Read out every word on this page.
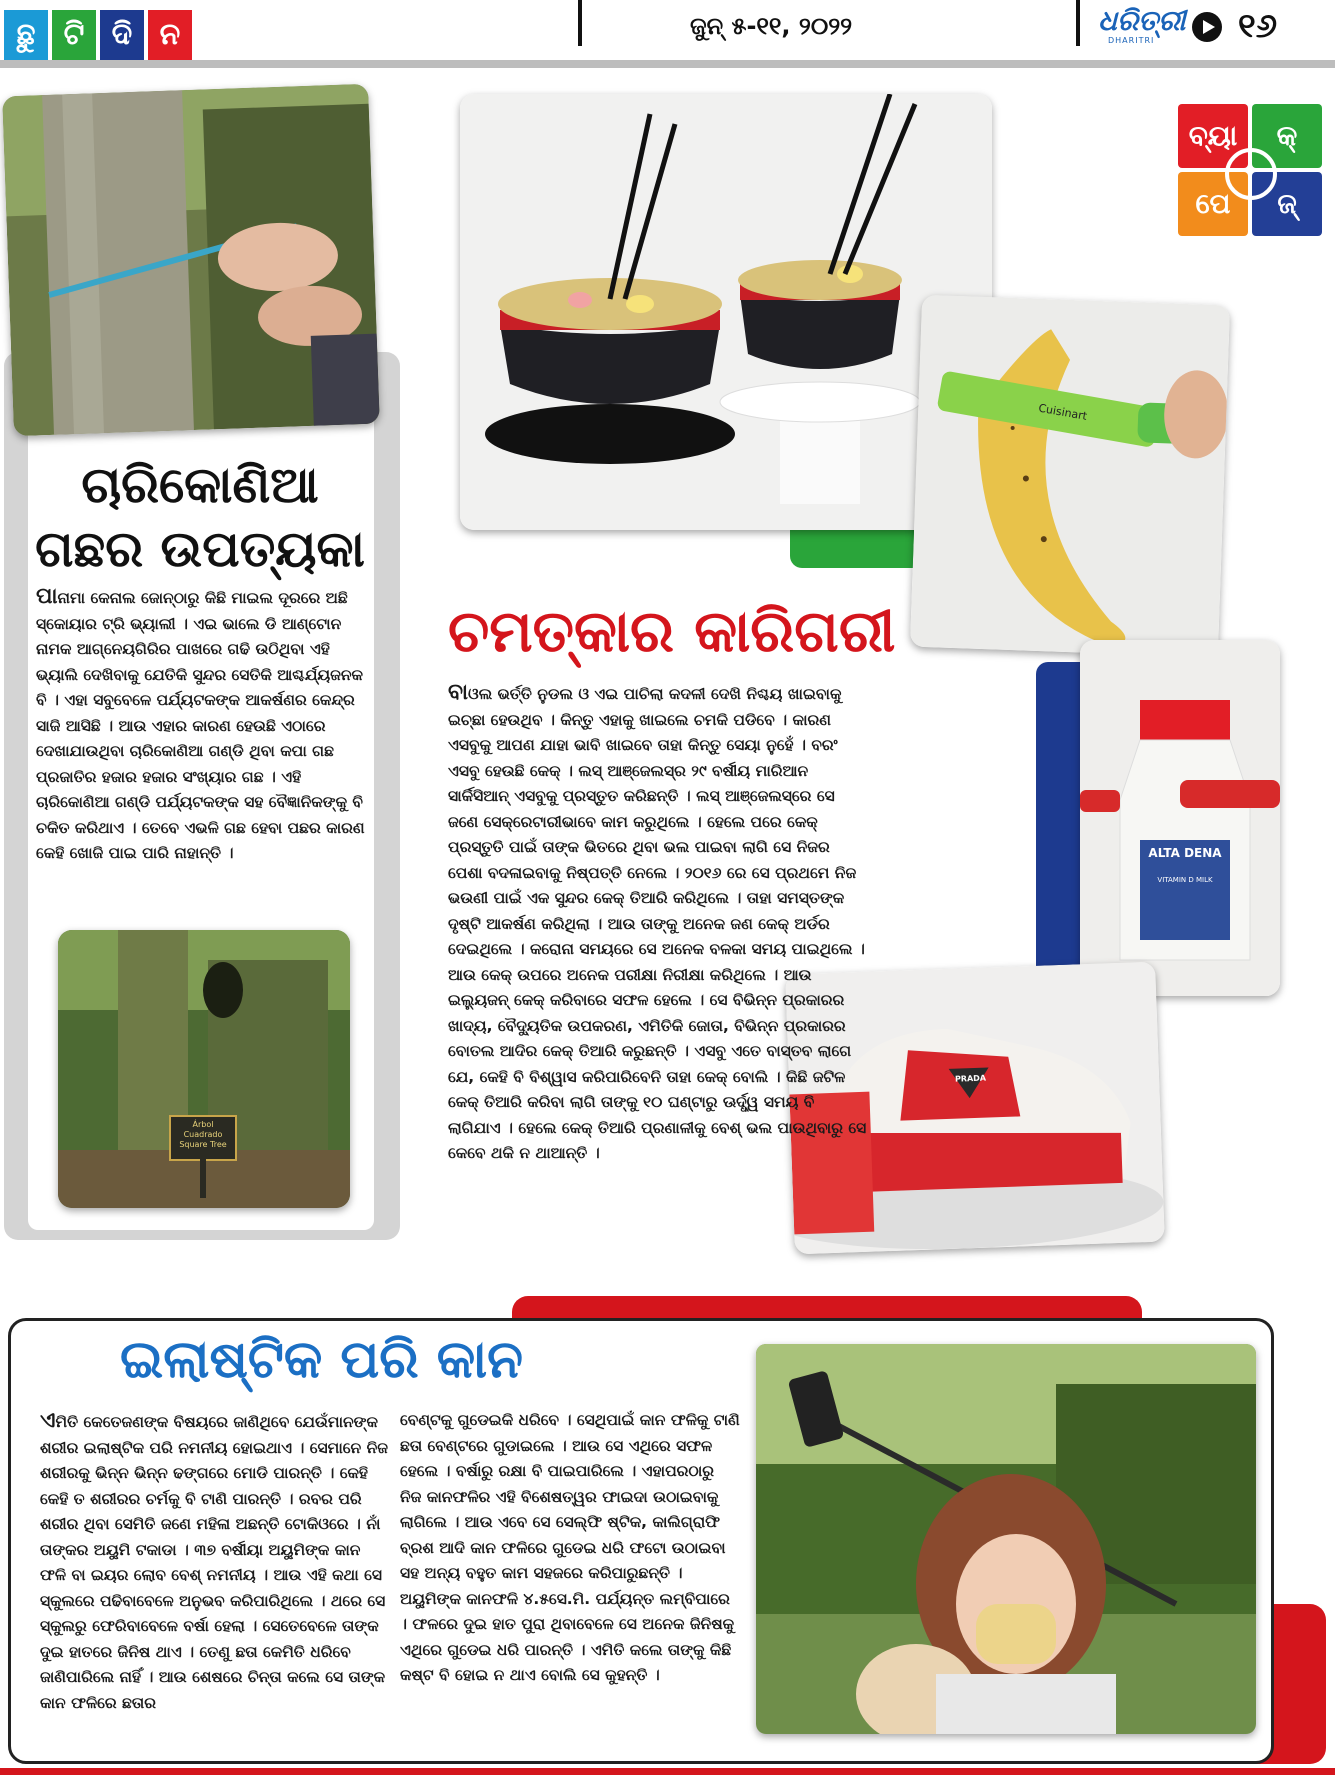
ଛୁ ଟି ଦି ନ	ଜୁନ୍ ୫-୧୧, ୨୦୨୨	ଧରିତ୍ରୀ
DHARITRI ୧୬
ବ୍ୟା	କ୍
ପେ	ଜ୍
ଚାରିକୋଣିଆ
ଗଛର ଉପତ୍ୟକା
ପାନାମା କେନାଲ ଜୋନ୍‌ଠାରୁ କିଛି ମାଇଲ ଦୂରରେ ଅଛି ସ୍କୋୟାର ଟ୍ରି ଭ୍ୟାଲୀ । ଏଇ ଭାଲେ ଡି ଆଣ୍ଟୋନ ନାମକ ଆଗ୍ନେୟଗିରିର ପାଖରେ ଗଢି ଉଠିଥିବା ଏହି ଭ୍ୟାଲି ଦେଖିବାକୁ ଯେତିକି ସୁନ୍ଦର ସେତିକି ଆଶ୍ଚର୍ଯ୍ୟଜନକ ବି । ଏହା ସବୁବେଳେ ପର୍ଯ୍ୟଟକଙ୍କ ଆକର୍ଷଣର କେନ୍ଦ୍ର ସାଜି ଆସିଛି । ଆଉ ଏହାର କାରଣ ହେଉଛି ଏଠାରେ ଦେଖାଯାଉଥିବା ଚାରିକୋଣିଆ ଗଣ୍ଡି ଥିବା କପା ଗଛ ପ୍ରଜାତିର ହଜାର ହଜାର ସଂଖ୍ୟାର ଗଛ । ଏହି ଚାରିକୋଣିଆ ଗଣ୍ଡି ପର୍ଯ୍ୟଟକଙ୍କ ସହ ବୈଜ୍ଞାନିକଙ୍କୁ ବି ଚକିତ କରିଥାଏ । ତେବେ ଏଭଳି ଗଛ ହେବା ପଛର କାରଣ କେହି ଖୋଜି ପାଇ ପାରି ନାହାନ୍ତି ।
Árbol Cuadrado Square Tree
Cuisinart
ଚମତ୍କାର କାରିଗରୀ
ALTA DENA
VITAMIN D MILK
PRADA
ବାଓଲ ଭର୍ତ୍ତି ନୁଡଲ ଓ ଏଇ ପାଚିଲା କଦଳୀ ଦେଖି ନିଶ୍ଚୟ ଖାଇବାକୁ ଇଚ୍ଛା ହେଉଥିବ । କିନ୍ତୁ ଏହାକୁ ଖାଇଲେ ଚମକି ପଡିବେ । କାରଣ ଏସବୁକୁ ଆପଣ ଯାହା ଭାବି ଖାଇବେ ତାହା କିନ୍ତୁ ସେୟା ନୁହେଁ । ବରଂ ଏସବୁ ହେଉଛି କେକ୍ । ଲସ୍ ଆଞ୍ଜେଲସ୍‌ର ୨୯ ବର୍ଷୀୟ ମାରିଆନ ସାର୍କିସିଆନ୍ ଏସବୁକୁ ପ୍ରସ୍ତୁତ କରିଛନ୍ତି । ଲସ୍ ଆଞ୍ଜେଲସ୍‌ରେ ସେ ଜଣେ ସେକ୍ରେଟାରୀଭାବେ କାମ କରୁଥିଲେ । ହେଲେ ପରେ କେକ୍ ପ୍ରସ୍ତୁତି ପାଇଁ ତାଙ୍କ ଭିତରେ ଥିବା ଭଲ ପାଇବା ଲାଗି ସେ ନିଜର ପେଶା ବଦଳାଇବାକୁ ନିଷ୍ପତ୍ତି ନେଲେ । ୨୦୧୬ ରେ ସେ ପ୍ରଥମେ ନିଜ ଭଉଣୀ ପାଇଁ ଏକ ସୁନ୍ଦର କେକ୍ ତିଆରି କରିଥିଲେ । ତାହା ସମସ୍ତଙ୍କ ଦୃଷ୍ଟି ଆକର୍ଷଣ କରିଥିଲା । ଆଉ ତାଙ୍କୁ ଅନେକ ଜଣ କେକ୍ ଅର୍ଡର ଦେଇଥିଲେ । କରୋନା ସମୟରେ ସେ ଅନେକ ବଳକା ସମୟ ପାଇଥିଲେ । ଆଉ କେକ୍ ଉପରେ ଅନେକ ପରୀକ୍ଷା ନିରୀକ୍ଷା କରିଥିଲେ । ଆଉ ଇଲ୍ୟୁଜନ୍ କେକ୍ କରିବାରେ ସଫଳ ହେଲେ । ସେ ବିଭିନ୍ନ ପ୍ରକାରର ଖାଦ୍ୟ, ବୈଦ୍ୟୁତିକ ଉପକରଣ, ଏମିତିକି ଜୋତା, ବିଭିନ୍ନ ପ୍ରକାରର ବୋତଲ ଆଦିର କେକ୍ ତିଆରି କରୁଛନ୍ତି । ଏସବୁ ଏତେ ବାସ୍ତବ ଲାଗେ ଯେ, କେହି ବି ବିଶ୍ୱାସ କରିପାରିବେନି ତାହା କେକ୍ ବୋଲି । କିଛି ଜଟିଳ କେକ୍ ତିଆରି କରିବା ଲାଗି ତାଙ୍କୁ ୧୦ ଘଣ୍ଟାରୁ ଊର୍ଦ୍ଧ୍ୱ ସମୟ ବି ଲାଗିଯାଏ । ହେଲେ କେକ୍ ତିଆରି ପ୍ରଣାଳୀକୁ ବେଶ୍ ଭଲ ପାଉଥିବାରୁ ସେ କେବେ ଥକି ନ ଥାଆନ୍ତି ।
ଇଲାଷ୍ଟିକ ପରି କାନ
ଏମିତି କେତେଜଣଙ୍କ ବିଷୟରେ ଜାଣିଥିବେ ଯେଉଁମାନଙ୍କ ଶରୀର ଇଲାଷ୍ଟିକ ପରି ନମନୀୟ ହୋଇଥାଏ । ସେମାନେ ନିଜ ଶରୀରକୁ ଭିନ୍ନ ଭିନ୍ନ ଢଙ୍ଗରେ ମୋଡି ପାରନ୍ତି । କେହି କେହି ତ ଶରୀରର ଚର୍ମକୁ ବି ଟାଣି ପାରନ୍ତି । ରବର ପରି ଶରୀର ଥିବା ସେମିତି ଜଣେ ମହିଳା ଅଛନ୍ତି ଟୋକିଓରେ । ନାଁ ତାଙ୍କର ଅୟୁମି ଟକାଡା । ୩୭ ବର୍ଷୀୟା ଅୟୁମିଙ୍କ କାନ ଫଳି ବା ଇୟର ଲୋବ ବେଶ୍ ନମନୀୟ । ଆଉ ଏହି କଥା ସେ ସ୍କୁଲରେ ପଢିବାବେଳେ ଅନୁଭବ କରିପାରିଥିଲେ । ଥରେ ସେ ସ୍କୁଲରୁ ଫେରିବାବେଳେ ବର୍ଷା ହେଲା । ସେତେବେଳେ ତାଙ୍କ ଦୁଇ ହାତରେ ଜିନିଷ ଥାଏ । ତେଣୁ ଛତା କେମିତି ଧରିବେ ଜାଣିପାରିଲେ ନାହିଁ । ଆଉ ଶେଷରେ ଚିନ୍ତା କଲେ ସେ ତାଙ୍କ କାନ ଫଳିରେ ଛତାର
ବେଣ୍ଟକୁ ଗୁଡେଇକି ଧରିବେ । ସେଥିପାଇଁ କାନ ଫଳିକୁ ଟାଣି ଛତା ବେଣ୍ଟରେ ଗୁଡାଇଲେ । ଆଉ ସେ ଏଥିରେ ସଫଳ ହେଲେ । ବର୍ଷାରୁ ରକ୍ଷା ବି ପାଇପାରିଲେ । ଏହାପରଠାରୁ ନିଜ କାନଫଳିର ଏହି ବିଶେଷତ୍ୱର ଫାଇଦା ଉଠାଇବାକୁ ଲାଗିଲେ । ଆଉ ଏବେ ସେ ସେଲ୍ଫି ଷ୍ଟିକ, କାଲିଗ୍ରାଫି ବ୍ରଶ ଆଦି କାନ ଫଳିରେ ଗୁଡେଇ ଧରି ଫଟୋ ଉଠାଇବା ସହ ଅନ୍ୟ ବହୁତ କାମ ସହଜରେ କରିପାରୁଛନ୍ତି । ଅୟୁମିଙ୍କ କାନଫଳି ୪.୫ସେ.ମି. ପର୍ଯ୍ୟନ୍ତ ଲମ୍ବିପାରେ । ଫଳରେ ଦୁଇ ହାତ ପୁରା ଥିବାବେଳେ ସେ ଅନେକ ଜିନିଷକୁ ଏଥିରେ ଗୁଡେଇ ଧରି ପାରନ୍ତି । ଏମିତି କଲେ ତାଙ୍କୁ କିଛି କଷ୍ଟ ବି ହୋଇ ନ ଥାଏ ବୋଲି ସେ କୁହନ୍ତି ।
